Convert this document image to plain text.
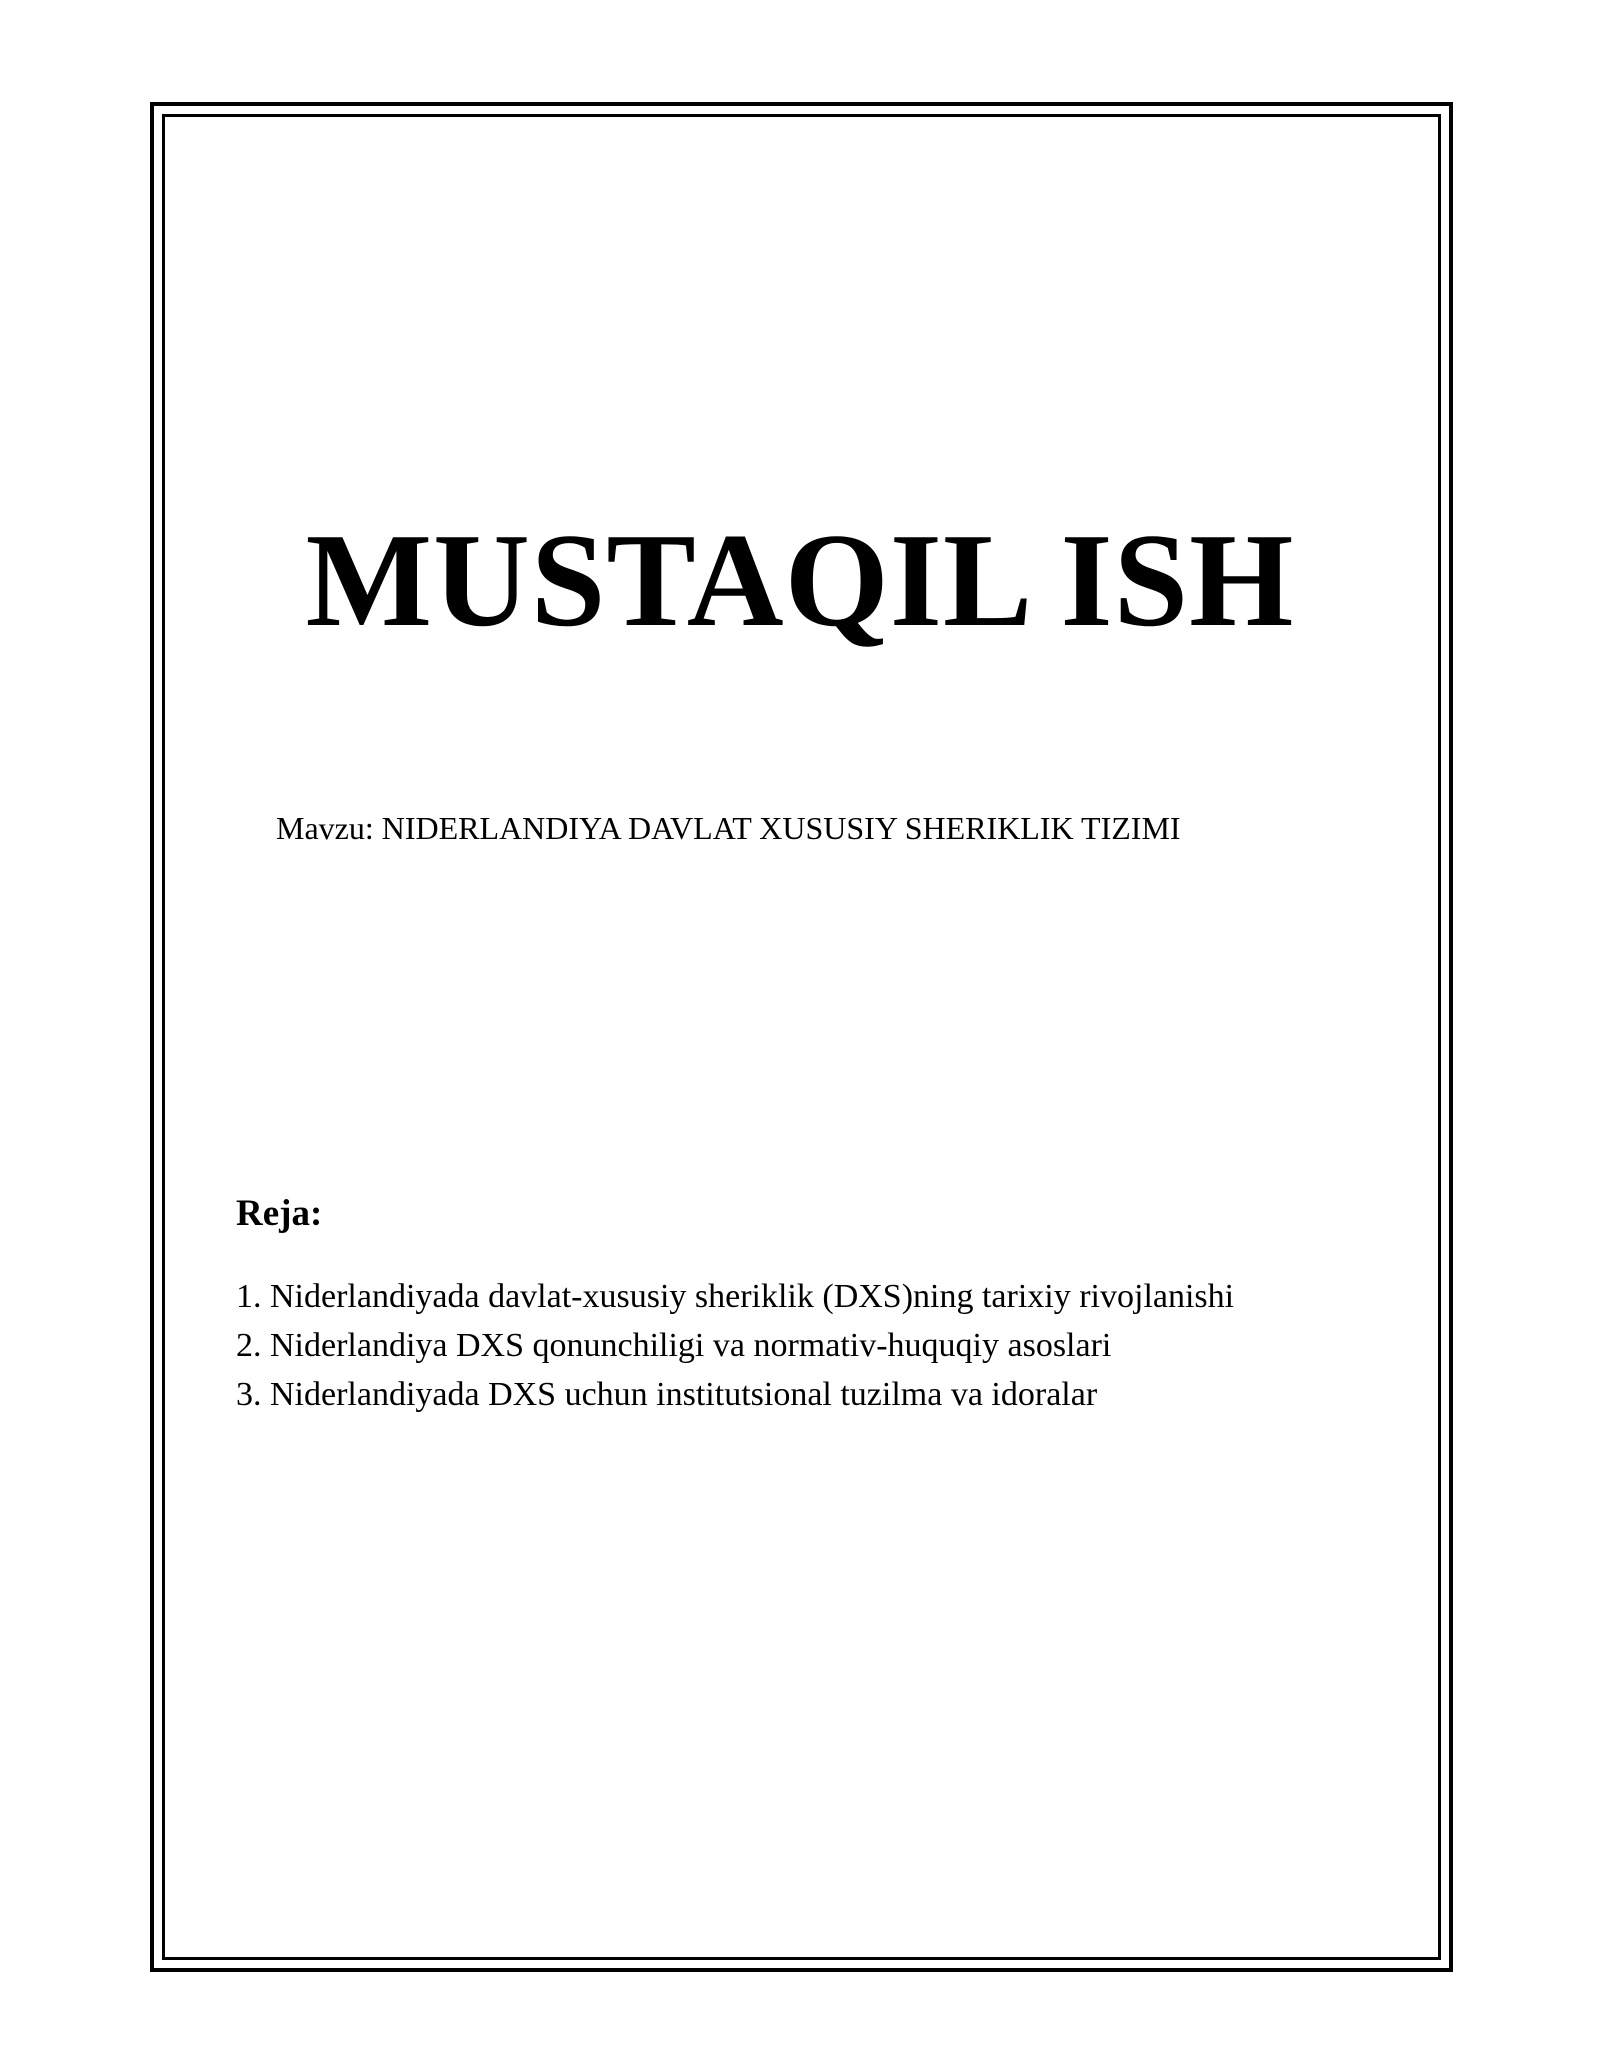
MUSTAQIL ISH

Mavzu: NIDERLANDIYA DAVLAT XUSUSIY SHERIKLIK TIZIMI

Reja:
1. Niderlandiyada davlat-xususiy sheriklik (DXS)ning tarixiy rivojlanishi
2. Niderlandiya DXS qonunchiligi va normativ-huquqiy asoslari
3. Niderlandiyada DXS uchun institutsional tuzilma va idoralar
